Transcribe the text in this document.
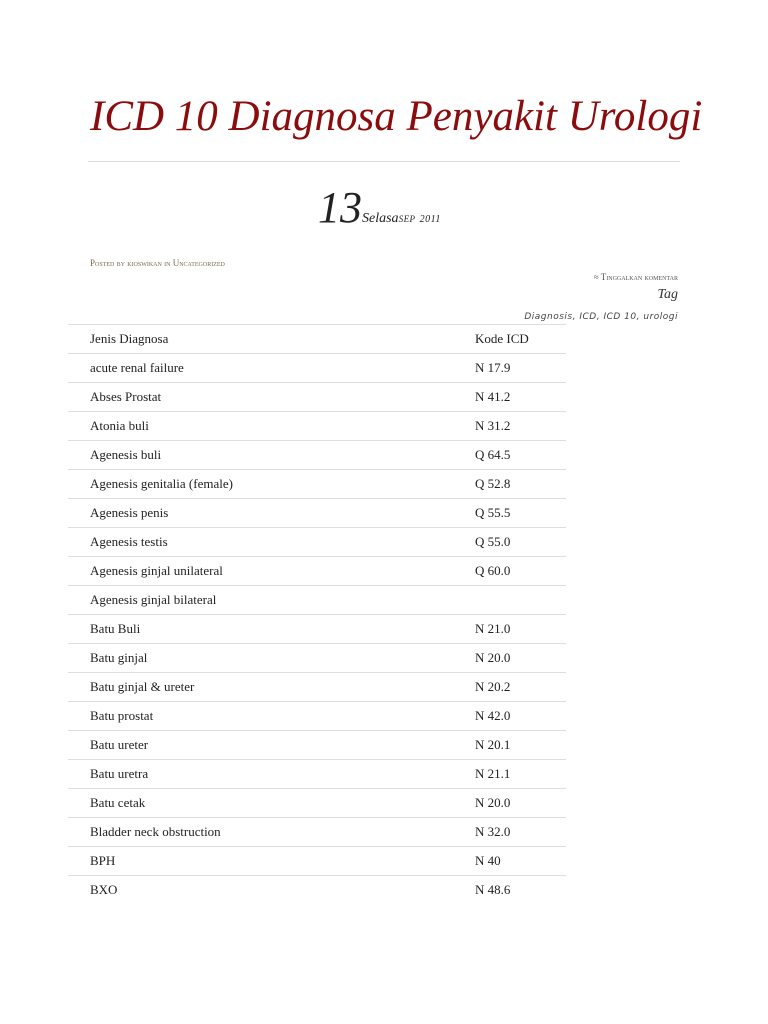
ICD 10 Diagnosa Penyakit Urologi
13SelasaSEP 2011
Posted by kioswikan in Uncategorized
≈ Tinggalkan komentar
Tag
Diagnosis, ICD, ICD 10, urologi
Jenis Diagnosa	Kode ICD
acute renal failure	N 17.9
Abses Prostat	N 41.2
Atonia buli	N 31.2
Agenesis buli	Q 64.5
Agenesis genitalia (female)	Q 52.8
Agenesis penis	Q 55.5
Agenesis testis	Q 55.0
Agenesis ginjal unilateral	Q 60.0
Agenesis ginjal bilateral	
Batu Buli	N 21.0
Batu ginjal	N 20.0
Batu ginjal & ureter	N 20.2
Batu prostat	N 42.0
Batu ureter	N 20.1
Batu uretra	N 21.1
Batu cetak	N 20.0
Bladder neck obstruction	N 32.0
BPH	N 40
BXO	N 48.6
